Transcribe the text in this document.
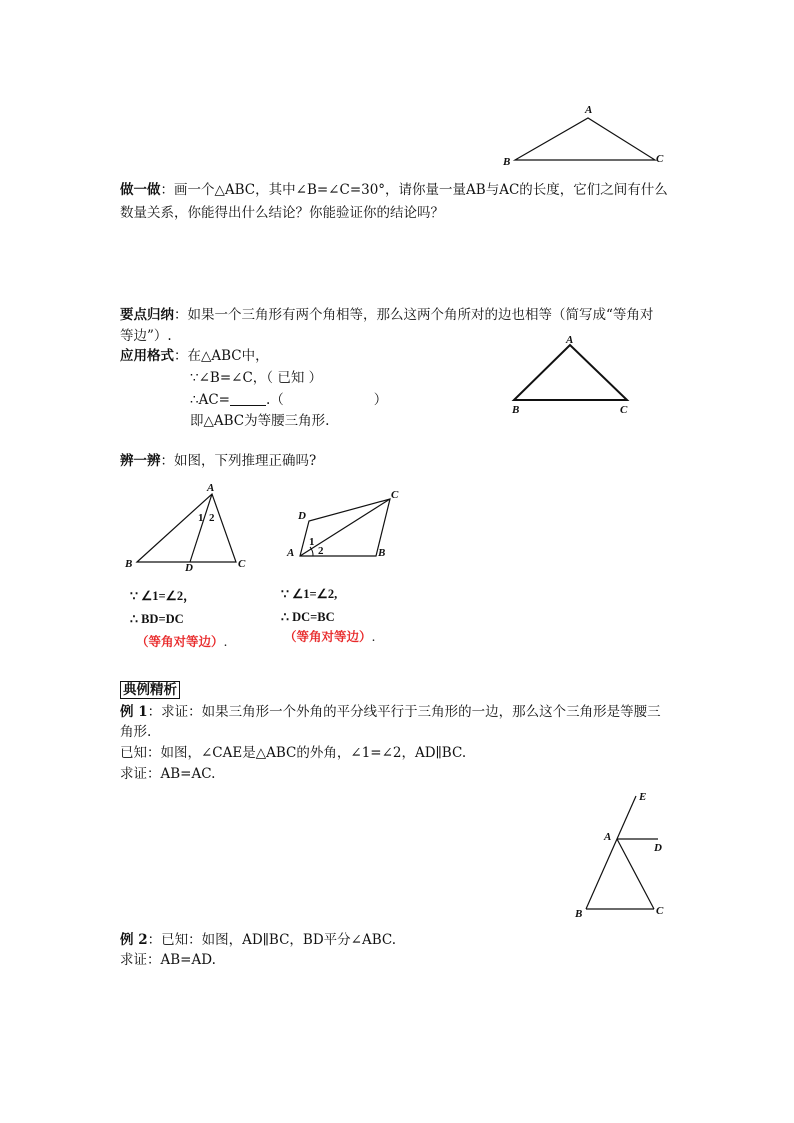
A
B	C
A
B	C
A
B	C
D
1 2
C
D
A	B
1
2
E
A
D
B	C
做一做：画一个△ABC，其中∠B=∠C=30°，请你量一量AB与AC的长度，它们之间有什么
数量关系，你能得出什么结论？你能验证你的结论吗？
要点归纳：如果一个三角形有两个角相等，那么这两个角所对的边也相等（简写成“等角对
等边”）.
应用格式：在△ABC中，
∵∠B=∠C，（ 已知 ）
∴AC=	.（	）
即△ABC为等腰三角形.
辨一辨：如图，下列推理正确吗?
∵ ∠1=∠2，
∴ BD=DC
（等角对等边）.
∵ ∠1=∠2,
∴ DC=BC
（等角对等边）.
典例精析
例 1：求证：如果三角形一个外角的平分线平行于三角形的一边，那么这个三角形是等腰三
角形.
已知：如图，∠CAE是△ABC的外角，∠1=∠2，AD∥BC.
求证：AB=AC.
例 2：已知：如图，AD∥BC，BD平分∠ABC.
求证：AB=AD.
